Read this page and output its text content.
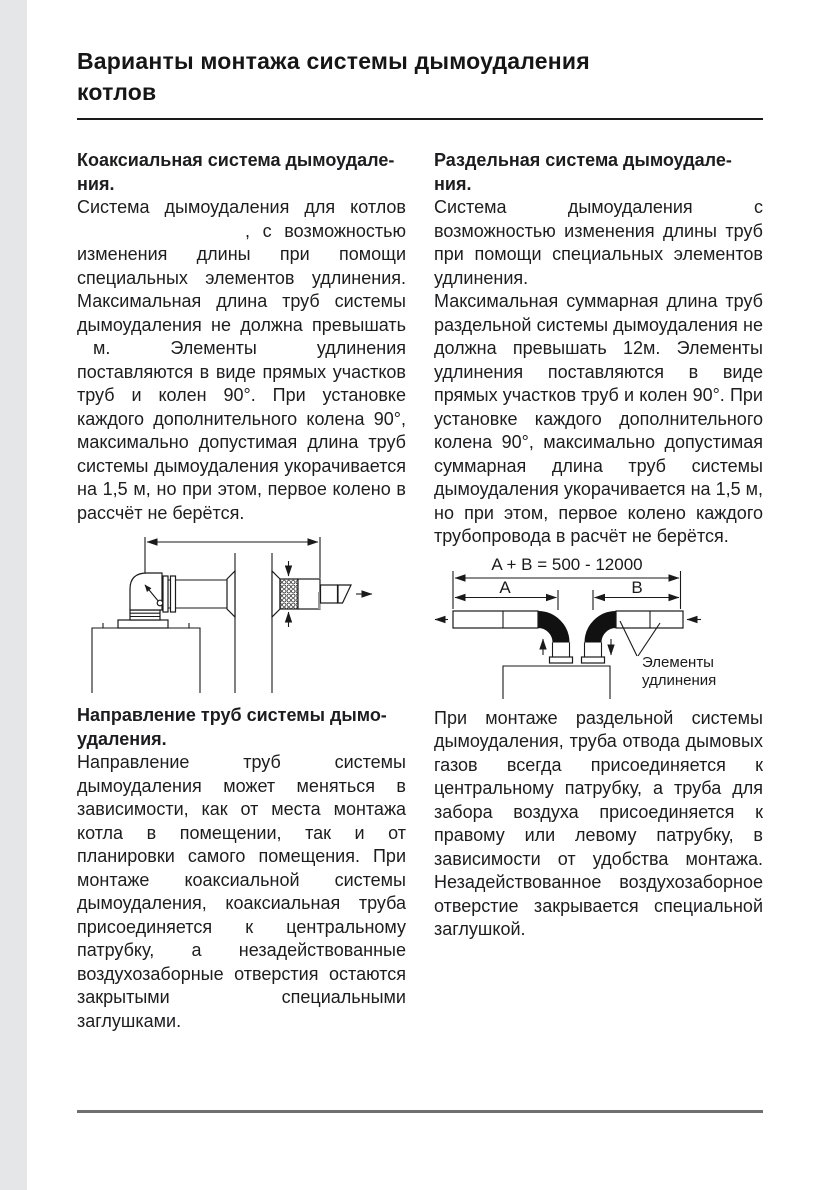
Варианты монтажа системы дымоудаления
котлов
Коаксиальная система дымоудале-
ния.

Система дымоудаления для котлов, с возможностью изменения длины при помощи специальных элементов удлинения. Максимальная длина труб системы дымоудаления не должна превышатьм. Элементы удлинения поставляются в виде прямых участков труб и колен 90°. При установке каждого дополнительного колена 90°, максимально допустимая длина труб системы дымоудаления укорачивается на 1,5 м, но при этом, первое колено в рассчёт не берётся.

Направление труб системы дымо-
удаления.

Направление труб системы дымоудаления может меняться в зависимости, как от места монтажа котла в помещении, так и от планировки самого помещения. При монтаже коаксиальной системы дымоудаления, коаксиальная труба присоединяется к центральному патрубку, а незадействованные воздухозаборные отверстия остаются закрытыми специальными заглушками.

Раздельная система дымоудале-
ния.

Система дымоудаления с возможностью изменения длины труб при помощи специальных элементов удлинения.

Максимальная суммарная длина труб раздельной системы дымоудаления не должна превышать 12м. Элементы удлинения поставляются в виде прямых участков труб и колен 90°. При установке каждого дополнительного колена 90°, максимально допустимая суммарная длина труб системы дымоудаления укорачивается на 1,5 м, но при этом, первое колено каждого трубопровода в расчёт не берётся.

A + B = 500 - 12000
A	B
Элементы
удлинения

При монтаже раздельной системы дымоудаления, труба отвода дымовых газов всегда присоединяется к центральному патрубку, а труба для забора воздуха присоединяется к правому или левому патрубку, в зависимости от удобства монтажа. Незадействованное воздухозаборное отверстие закрывается специальной заглушкой.
